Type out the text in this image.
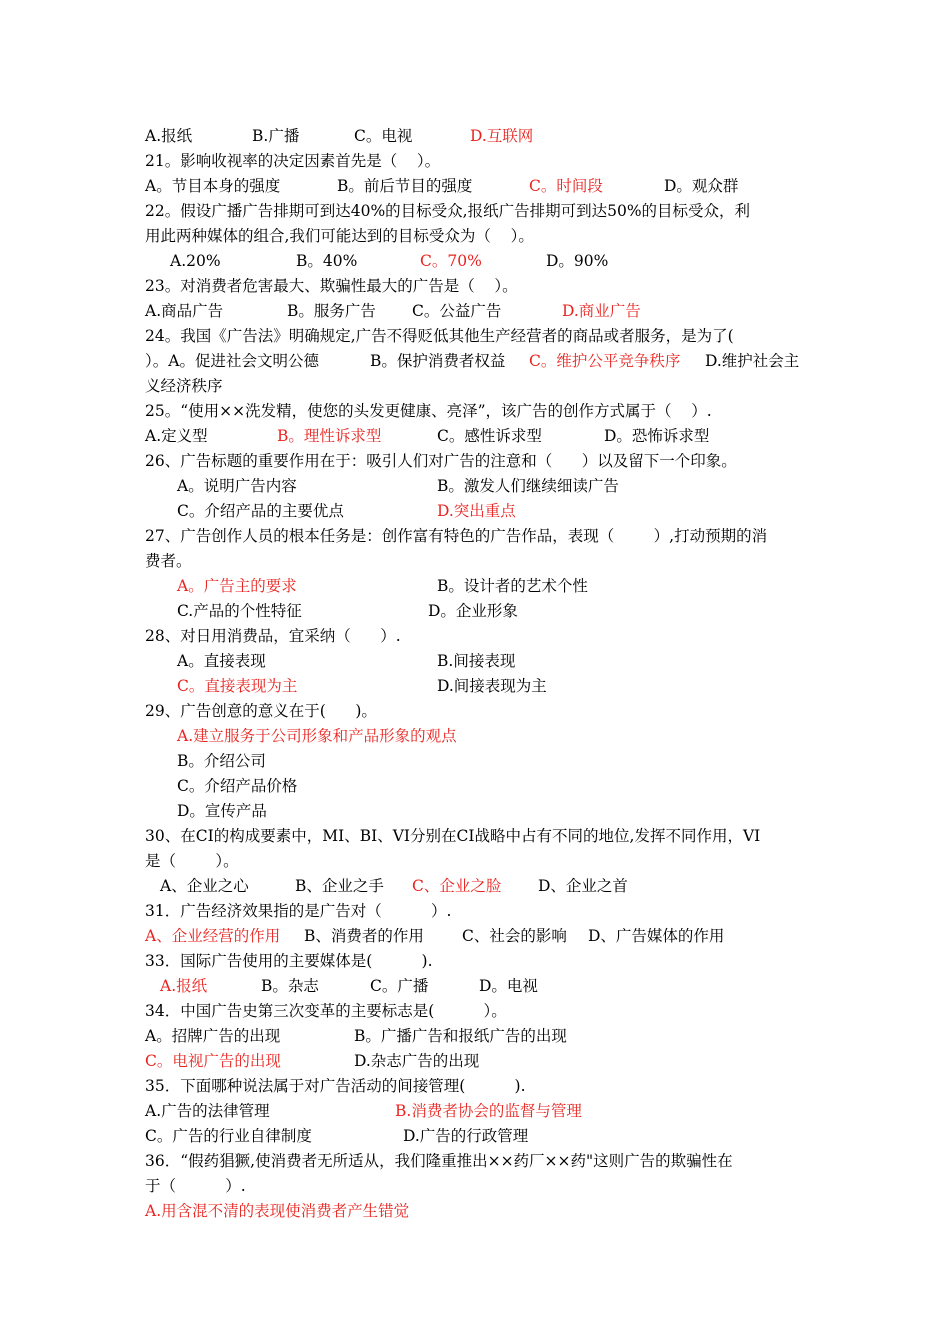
A.报纸	B.广播	C。电视	D.互联网
21。影响收视率的决定因素首先是（    ）。
A。节目本身的强度	B。前后节目的强度	C。时间段	D。观众群
22。假设广播广告排期可到达40%的目标受众,报纸广告排期可到达50%的目标受众，利
用此两种媒体的组合,我们可能达到的目标受众为（    ）。
A.20%	B。40%	C。70%	D。90%
23。对消费者危害最大、欺骗性最大的广告是（    ）。
A.商品广告	B。服务广告 C。公益广告	D.商业广告
24。我国《广告法》明确规定,广告不得贬低其他生产经营者的商品或者服务，是为了(
）。A。促进社会文明公德	B。保护消费者权益 C。维护公平竞争秩序 D.维护社会主
义经济秩序
25。“使用××洗发精，使您的头发更健康、亮泽”，该广告的创作方式属于（    ）.
A.定义型	B。理性诉求型	C。感性诉求型	D。恐怖诉求型
26、广告标题的重要作用在于：吸引人们对广告的注意和（      ）以及留下一个印象。
A。说明广告内容	B。激发人们继续细读广告
C。介绍产品的主要优点	D.突出重点
27、广告创作人员的根本任务是：创作富有特色的广告作品，表现（        ）,打动预期的消
费者。
A。广告主的要求	B。设计者的艺术个性
C.产品的个性特征	D。企业形象
28、对日用消费品，宜采纳（      ）.
A。直接表现	B.间接表现
C。直接表现为主	D.间接表现为主
29、广告创意的意义在于(      )。
A.建立服务于公司形象和产品形象的观点
B。介绍公司
C。介绍产品价格
D。宣传产品
30、在CI的构成要素中，MI、BI、VI分别在CI战略中占有不同的地位,发挥不同作用，VI
是（        ）。
A、企业之心	B、企业之手 C、企业之脸 D、企业之首
31．广告经济效果指的是广告对（          ）.
A、企业经营的作用 B、消费者的作用 C、社会的影响 D、广告媒体的作用
33．国际广告使用的主要媒体是(          ).
A.报纸	B。杂志	C。广播	D。电视
34．中国广告史第三次变革的主要标志是(          ）。
A。招牌广告的出现	B。广播广告和报纸广告的出现
C。电视广告的出现	D.杂志广告的出现
35．下面哪种说法属于对广告活动的间接管理(          ).
A.广告的法律管理	B.消费者协会的监督与管理
C。广告的行业自律制度	D.广告的行政管理
36．“假药猖獗,使消费者无所适从，我们隆重推出××药厂××药"这则广告的欺骗性在
于（          ）.
A.用含混不清的表现使消费者产生错觉
